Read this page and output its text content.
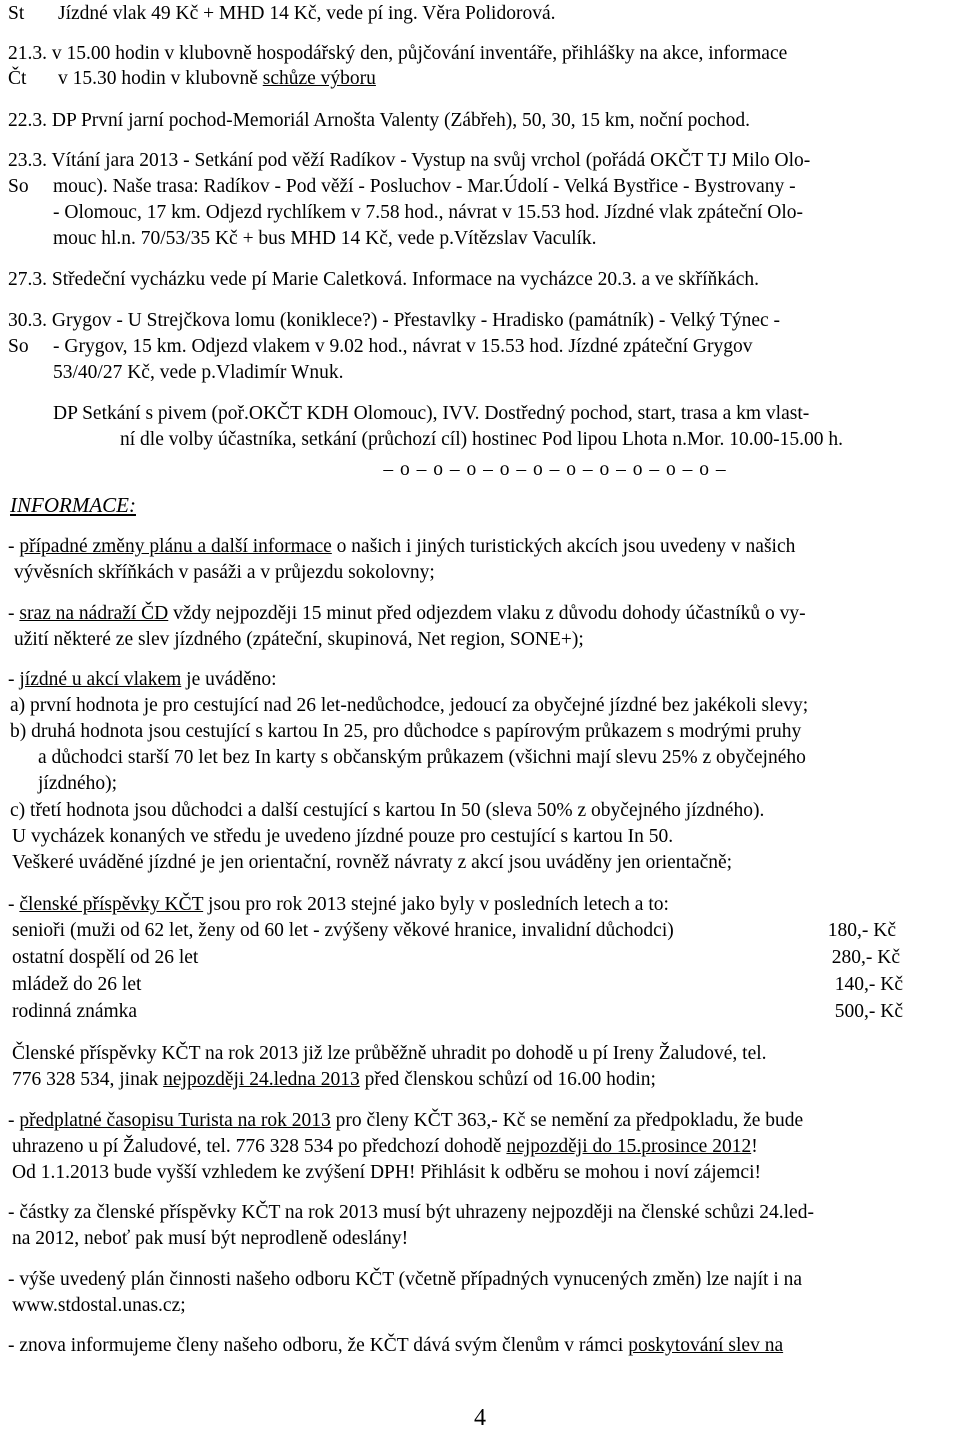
St Jízdné vlak 49 Kč + MHD 14 Kč, vede pí ing. Věra Polidorová.
21.3. v 15.00 hodin v klubovně hospodářský den, půjčování inventáře, přihlášky na akce, informace
Čt v 15.30 hodin v klubovně schůze výboru
22.3. DP První jarní pochod-Memoriál Arnošta Valenty (Zábřeh), 50, 30, 15 km, noční pochod.
23.3. Vítání jara 2013 - Setkání pod věží Radíkov - Vystup na svůj vrchol (pořádá OKČT TJ Milo Olo-
So mouc). Naše trasa: Radíkov - Pod věží - Posluchov - Mar.Údolí - Velká Bystřice - Bystrovany -
- Olomouc, 17 km. Odjezd rychlíkem v 7.58 hod., návrat v 15.53 hod. Jízdné vlak zpáteční Olo-
mouc hl.n. 70/53/35 Kč + bus MHD 14 Kč, vede p.Vítězslav Vaculík.
27.3. Středeční vycházku vede pí Marie Caletková. Informace na vycházce 20.3. a ve skříňkách.
30.3. Grygov - U Strejčkova lomu (koniklece?) - Přestavlky - Hradisko (památník) - Velký Týnec -
So - Grygov, 15 km. Odjezd vlakem v 9.02 hod., návrat v 15.53 hod. Jízdné zpáteční Grygov
53/40/27 Kč, vede p.Vladimír Wnuk.
DP Setkání s pivem (poř.OKČT KDH Olomouc), IVV. Dostředný pochod, start, trasa a km vlast-
ní dle volby účastníka, setkání (průchozí cíl) hostinec Pod lipou Lhota n.Mor. 10.00-15.00 h.
– o – o – o – o – o – o – o – o – o – o –
INFORMACE:
- případné změny plánu a další informace o našich i jiných turistických akcích jsou uvedeny v našich
vývěsních skříňkách v pasáži a v průjezdu sokolovny;
- sraz na nádraží ČD vždy nejpozději 15 minut před odjezdem vlaku z důvodu dohody účastníků o vy-
užití některé ze slev jízdného (zpáteční, skupinová, Net region, SONE+);
- jízdné u akcí vlakem je uváděno:
a) první hodnota je pro cestující nad 26 let-nedůchodce, jedoucí za obyčejné jízdné bez jakékoli slevy;
b) druhá hodnota jsou cestující s kartou In 25, pro důchodce s papírovým průkazem s modrými pruhy
a důchodci starší 70 let bez In karty s občanským průkazem (všichni mají slevu 25% z obyčejného
jízdného);
c) třetí hodnota jsou důchodci a další cestující s kartou In 50 (sleva 50% z obyčejného jízdného).
U vycházek konaných ve středu je uvedeno jízdné pouze pro cestující s kartou In 50.
Veškeré uváděné jízdné je jen orientační, rovněž návraty z akcí jsou uváděny jen orientačně;
- členské příspěvky KČT jsou pro rok 2013 stejné jako byly v posledních letech a to:
senioři (muži od 62 let, ženy od 60 let - zvýšeny věkové hranice, invalidní důchodci)	180,- Kč
ostatní dospělí od 26 let	280,- Kč
mládež do 26 let	140,- Kč
rodinná známka	500,- Kč
Členské příspěvky KČT na rok 2013 již lze průběžně uhradit po dohodě u pí Ireny Žaludové, tel.
776 328 534, jinak nejpozději 24.ledna 2013 před členskou schůzí od 16.00 hodin;
- předplatné časopisu Turista na rok 2013 pro členy KČT 363,- Kč se nemění za předpokladu, že bude
uhrazeno u pí Žaludové, tel. 776 328 534 po předchozí dohodě nejpozději do 15.prosince 2012!
Od 1.1.2013 bude vyšší vzhledem ke zvýšení DPH! Přihlásit k odběru se mohou i noví zájemci!
- částky za členské příspěvky KČT na rok 2013 musí být uhrazeny nejpozději na členské schůzi 24.led-
na 2012, neboť pak musí být neprodleně odeslány!
- výše uvedený plán činnosti našeho odboru KČT (včetně případných vynucených změn) lze najít i na
www.stdostal.unas.cz;
- znova informujeme členy našeho odboru, že KČT dává svým členům v rámci poskytování slev na
4
